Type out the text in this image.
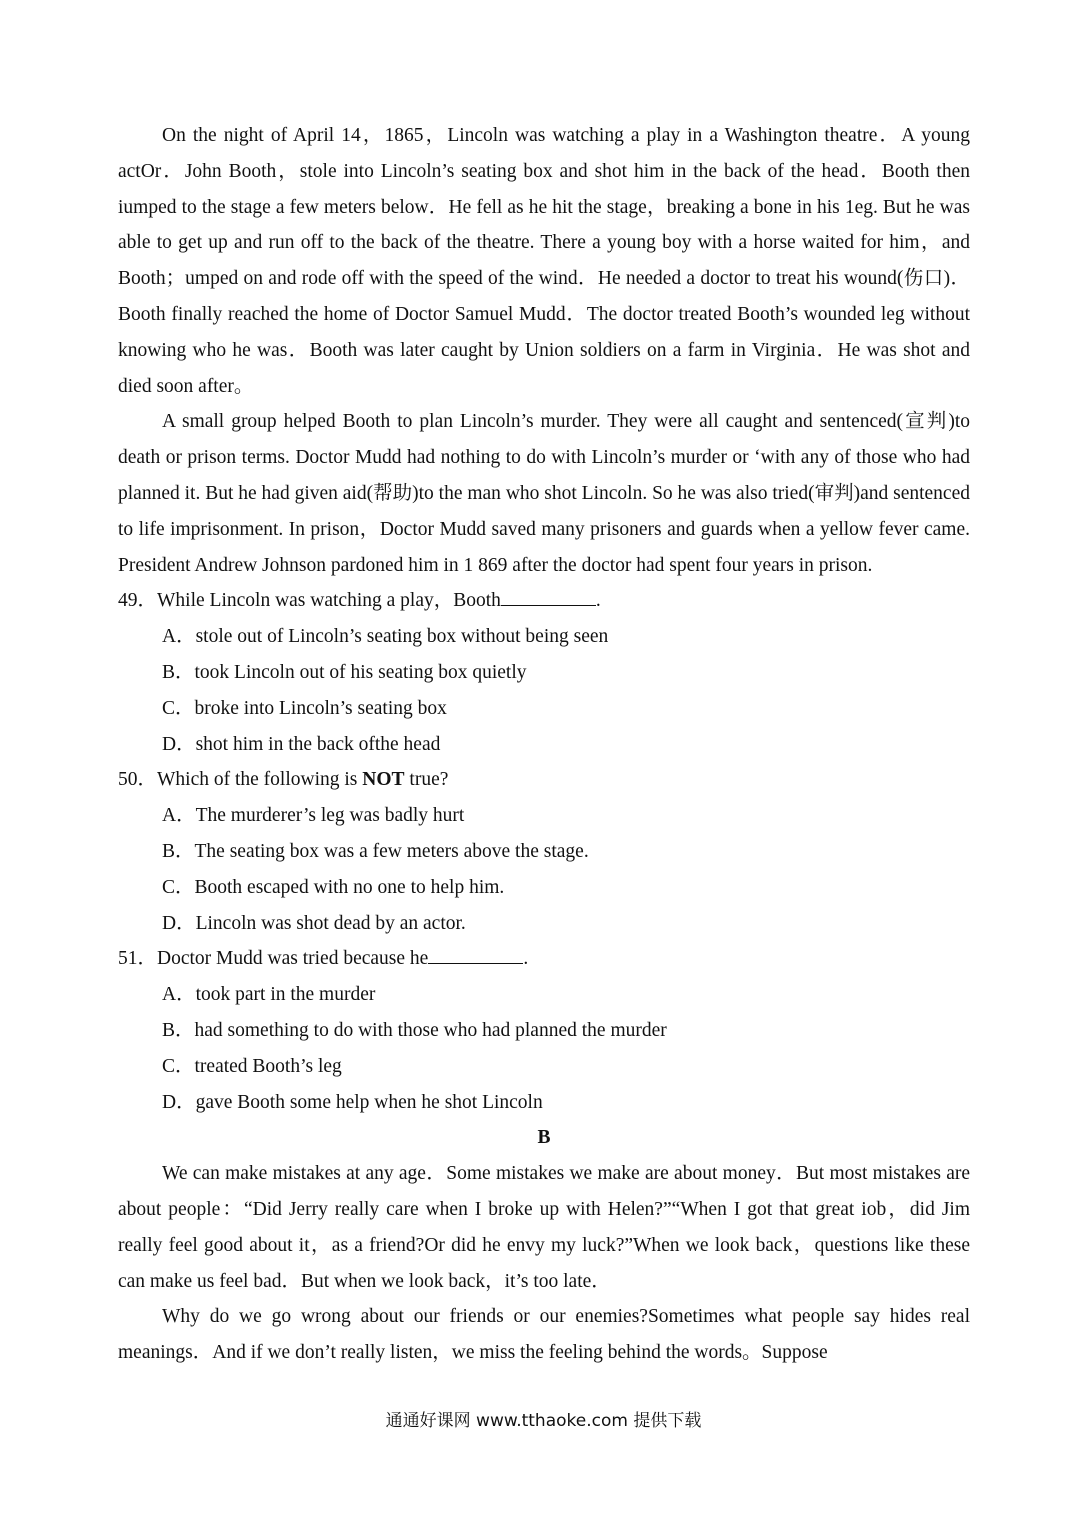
On the night of April 14，1865，Lincoln was watching a play in a Washington theatre．A young actOr．John Booth，stole into Lincoln’s seating box and shot him in the back of the head．Booth then iumped to the stage a few meters below．He fell as he hit the stage，breaking a bone in his 1eg. But he was able to get up and run off to the back of the theatre. There a young boy with a horse waited for him，and Booth；umped on and rode off with the speed of the wind．He needed a doctor to treat his wound(伤口)．Booth finally reached the home of Doctor Samuel Mudd．The doctor treated Booth’s wounded leg without knowing who he was．Booth was later caught by Union soldiers on a farm in Virginia．He was shot and died soon after。

A small group helped Booth to plan Lincoln’s murder. They were all caught and sentenced(宣判)to death or prison terms. Doctor Mudd had nothing to do with Lincoln’s murder or ‘with any of those who had planned it. But he had given aid(帮助)to the man who shot Lincoln. So he was also tried(审判)and sentenced to life imprisonment. In prison，Doctor Mudd saved many prisoners and guards when a yellow fever came. President Andrew Johnson pardoned him in 1 869 after the doctor had spent four years in prison.

49．While Lincoln was watching a play，Booth	.

A．stole out of Lincoln’s seating box without being seen

B．took Lincoln out of his seating box quietly

C．broke into Lincoln’s seating box

D．shot him in the back ofthe head

50．Which of the following is NOT true?

A．The murderer’s leg was badly hurt

B．The seating box was a few meters above the stage.

C．Booth escaped with no one to help him.

D．Lincoln was shot dead by an actor.

51．Doctor Mudd was tried because he	.

A．took part in the murder

B．had something to do with those who had planned the murder

C．treated Booth’s leg

D．gave Booth some help when he shot Lincoln

B

We can make mistakes at any age．Some mistakes we make are about money．But most mistakes are about people：“Did Jerry really care when I broke up with Helen?”“When I got that great iob，did Jim really feel good about it，as a friend?Or did he envy my luck?”When we look back，questions like these can make us feel bad．But when we look back，it’s too late．

Why do we go wrong about our friends or our enemies?Sometimes what people say hides real meanings．And if we don’t really listen，we miss the feeling behind the words。Suppose

通通好课网 www.tthaoke.com 提供下载
